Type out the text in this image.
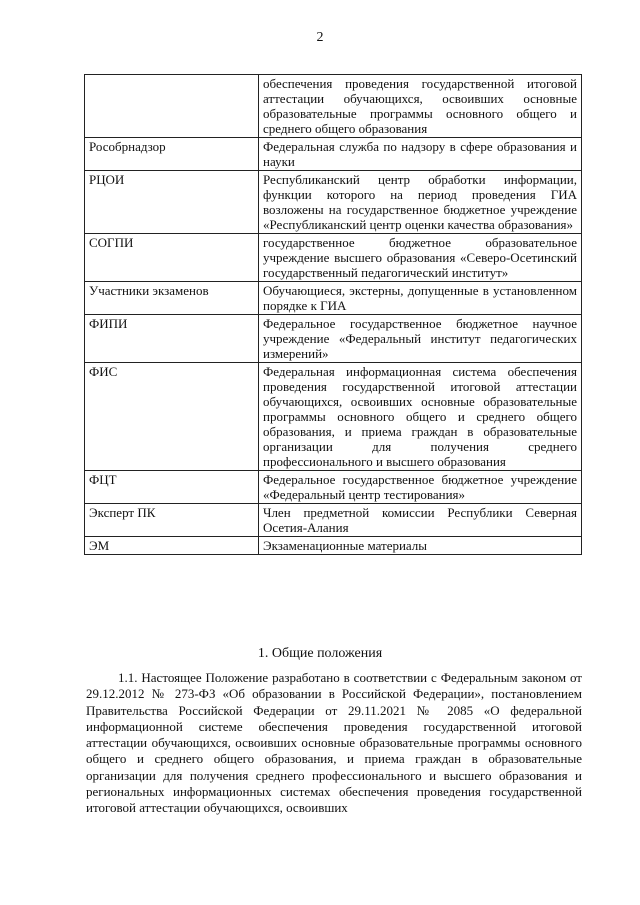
2
	обеспечения проведения государственной итоговой аттестации обучающихся, освоивших основные образовательные программы основного общего и среднего общего образования
Рособрнадзор	Федеральная служба по надзору в сфере образования и науки
РЦОИ	Республиканский центр обработки информации, функции которого на период проведения ГИА возложены на государственное бюджетное учреждение «Республиканский центр оценки качества образования»
СОГПИ	государственное бюджетное образовательное учреждение высшего образования «Северо-Осетинский государственный педагогический институт»
Участники экзаменов	Обучающиеся, экстерны, допущенные в установленном порядке к ГИА
ФИПИ	Федеральное государственное бюджетное научное учреждение «Федеральный институт педагогических измерений»
ФИС	Федеральная информационная система обеспечения проведения государственной итоговой аттестации обучающихся, освоивших основные образовательные программы основного общего и среднего общего образования, и приема граждан в образовательные организации для получения среднего профессионального и высшего образования
ФЦТ	Федеральное государственное бюджетное учреждение «Федеральный центр тестирования»
Эксперт ПК	Член предметной комиссии Республики Северная Осетия-Алания
ЭМ	Экзаменационные материалы
1. Общие положения

1.1. Настоящее Положение разработано в соответствии с Федеральным законом от 29.12.2012 № 273-ФЗ «Об образовании в Российской Федерации», постановлением Правительства Российской Федерации от 29.11.2021 № 2085 «О федеральной информационной системе обеспечения проведения государственной итоговой аттестации обучающихся, освоивших основные образовательные программы основного общего и среднего общего образования, и приема граждан в образовательные организации для получения среднего профессионального и высшего образования и региональных информационных системах обеспечения проведения государственной итоговой аттестации обучающихся, освоивших
